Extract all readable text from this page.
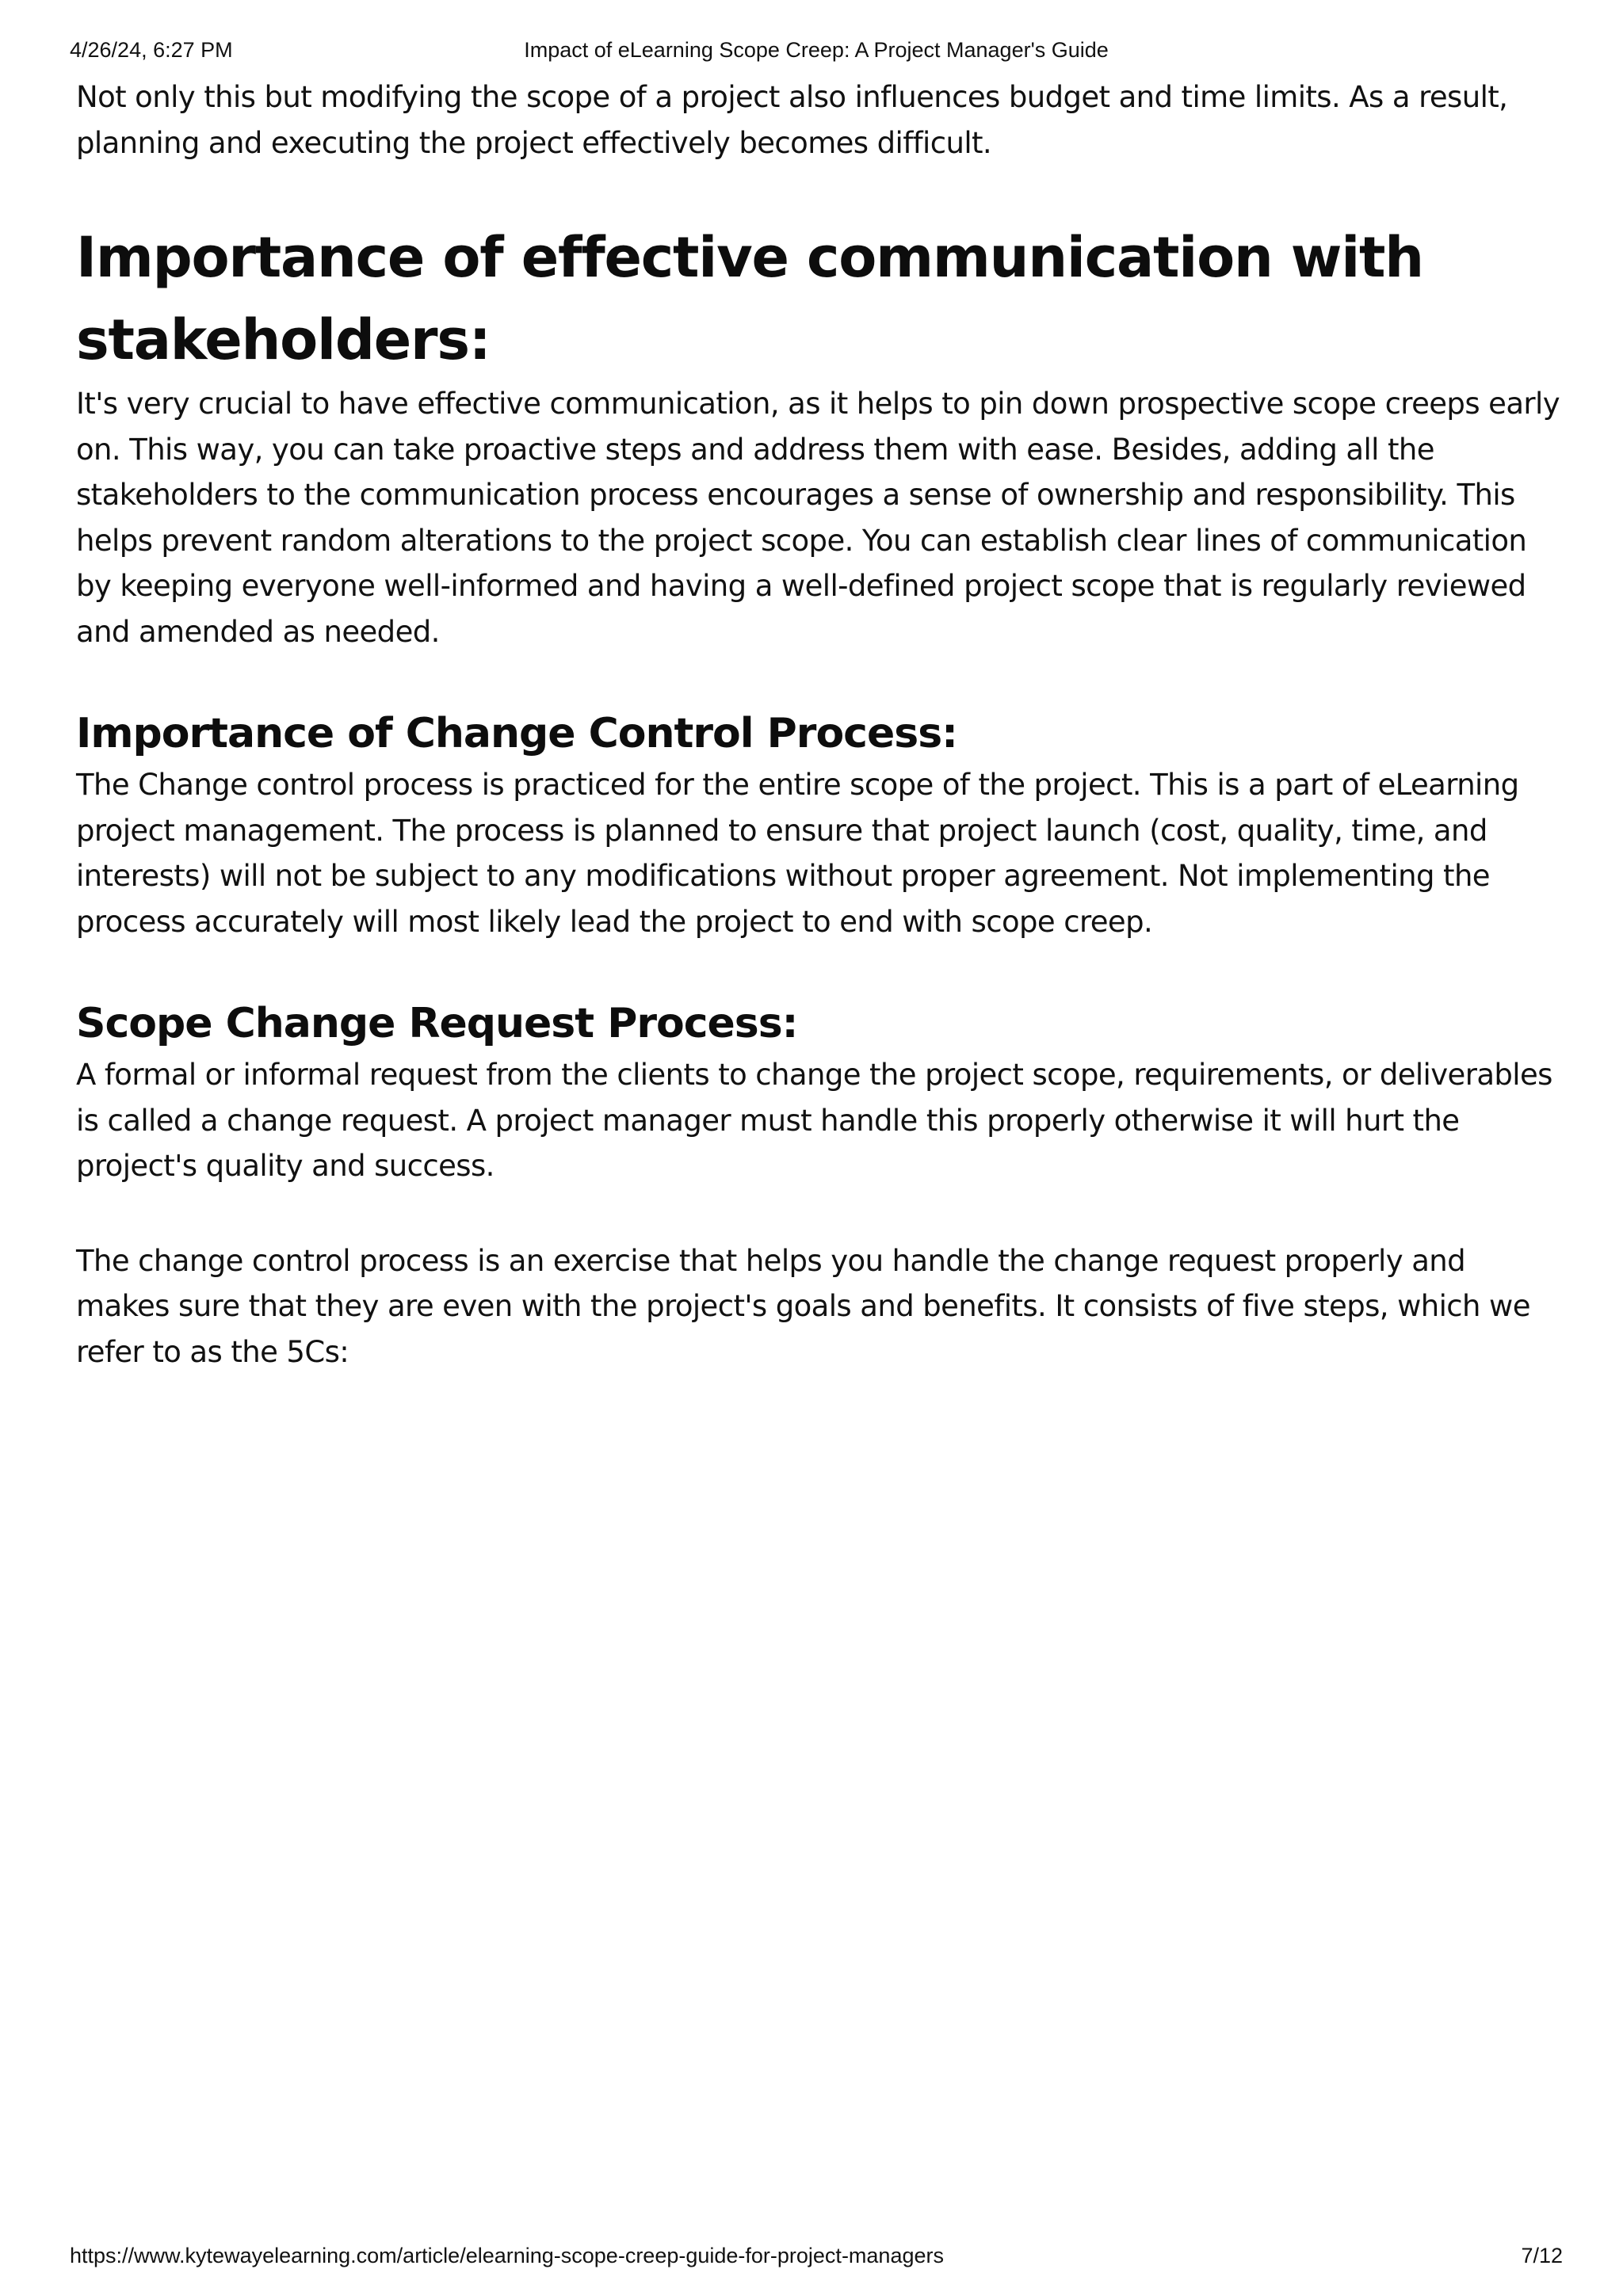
4/26/24, 6:27 PM	Impact of eLearning Scope Creep: A Project Manager's Guide

Not only this but modifying the scope of a project also influences budget and time limits. As a result, planning and executing the project effectively becomes difficult.

Importance of effective communication with stakeholders:

It's very crucial to have effective communication, as it helps to pin down prospective scope creeps early on. This way, you can take proactive steps and address them with ease. Besides, adding all the stakeholders to the communication process encourages a sense of ownership and responsibility. This helps prevent random alterations to the project scope. You can establish clear lines of communication by keeping everyone well-informed and having a well-defined project scope that is regularly reviewed and amended as needed.

Importance of Change Control Process:

The Change control process is practiced for the entire scope of the project. This is a part of eLearning project management. The process is planned to ensure that project launch (cost, quality, time, and interests) will not be subject to any modifications without proper agreement. Not implementing the process accurately will most likely lead the project to end with scope creep.

Scope Change Request Process:

A formal or informal request from the clients to change the project scope, requirements, or deliverables is called a change request. A project manager must handle this properly otherwise it will hurt the project's quality and success.

The change control process is an exercise that helps you handle the change request properly and makes sure that they are even with the project's goals and benefits. It consists of five steps, which we refer to as the 5Cs:

https://www.kytewayelearning.com/article/elearning-scope-creep-guide-for-project-managers	7/12
